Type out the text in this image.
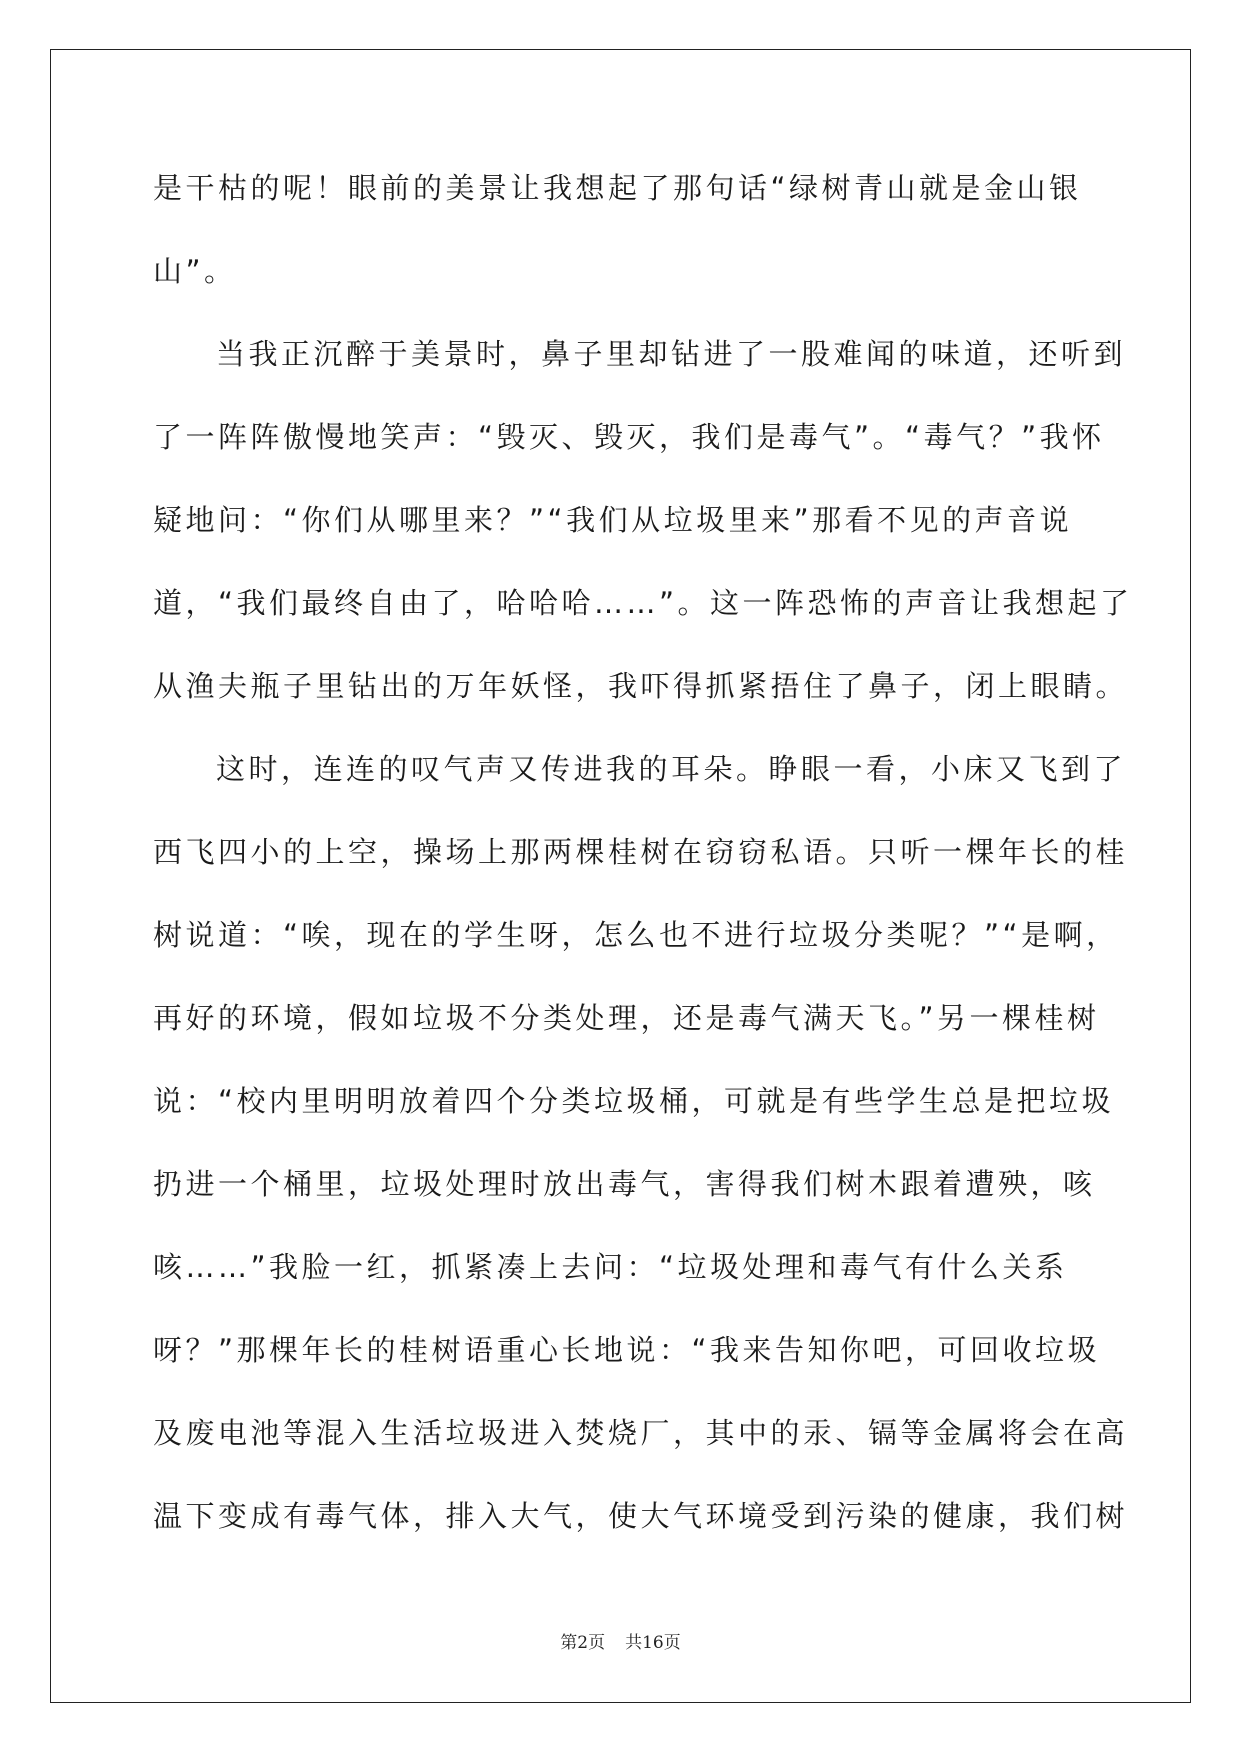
是干枯的呢！眼前的美景让我想起了那句话“绿树青山就是金山银
山”。
当我正沉醉于美景时，鼻子里却钻进了一股难闻的味道，还听到
了一阵阵傲慢地笑声：“毁灭、毁灭，我们是毒气”。“毒气？”我怀
疑地问：“你们从哪里来？”“我们从垃圾里来”那看不见的声音说
道，“我们最终自由了，哈哈哈……”。这一阵恐怖的声音让我想起了
从渔夫瓶子里钻出的万年妖怪，我吓得抓紧捂住了鼻子，闭上眼睛。
这时，连连的叹气声又传进我的耳朵。睁眼一看，小床又飞到了
西飞四小的上空，操场上那两棵桂树在窃窃私语。只听一棵年长的桂
树说道：“唉，现在的学生呀，怎么也不进行垃圾分类呢？”“是啊，
再好的环境，假如垃圾不分类处理，还是毒气满天飞。”另一棵桂树
说：“校内里明明放着四个分类垃圾桶，可就是有些学生总是把垃圾
扔进一个桶里，垃圾处理时放出毒气，害得我们树木跟着遭殃，咳
咳……”我脸一红，抓紧凑上去问：“垃圾处理和毒气有什么关系
呀？”那棵年长的桂树语重心长地说：“我来告知你吧，可回收垃圾
及废电池等混入生活垃圾进入焚烧厂，其中的汞、镉等金属将会在高
温下变成有毒气体，排入大气，使大气环境受到污染的健康，我们树
第2页 共16页
